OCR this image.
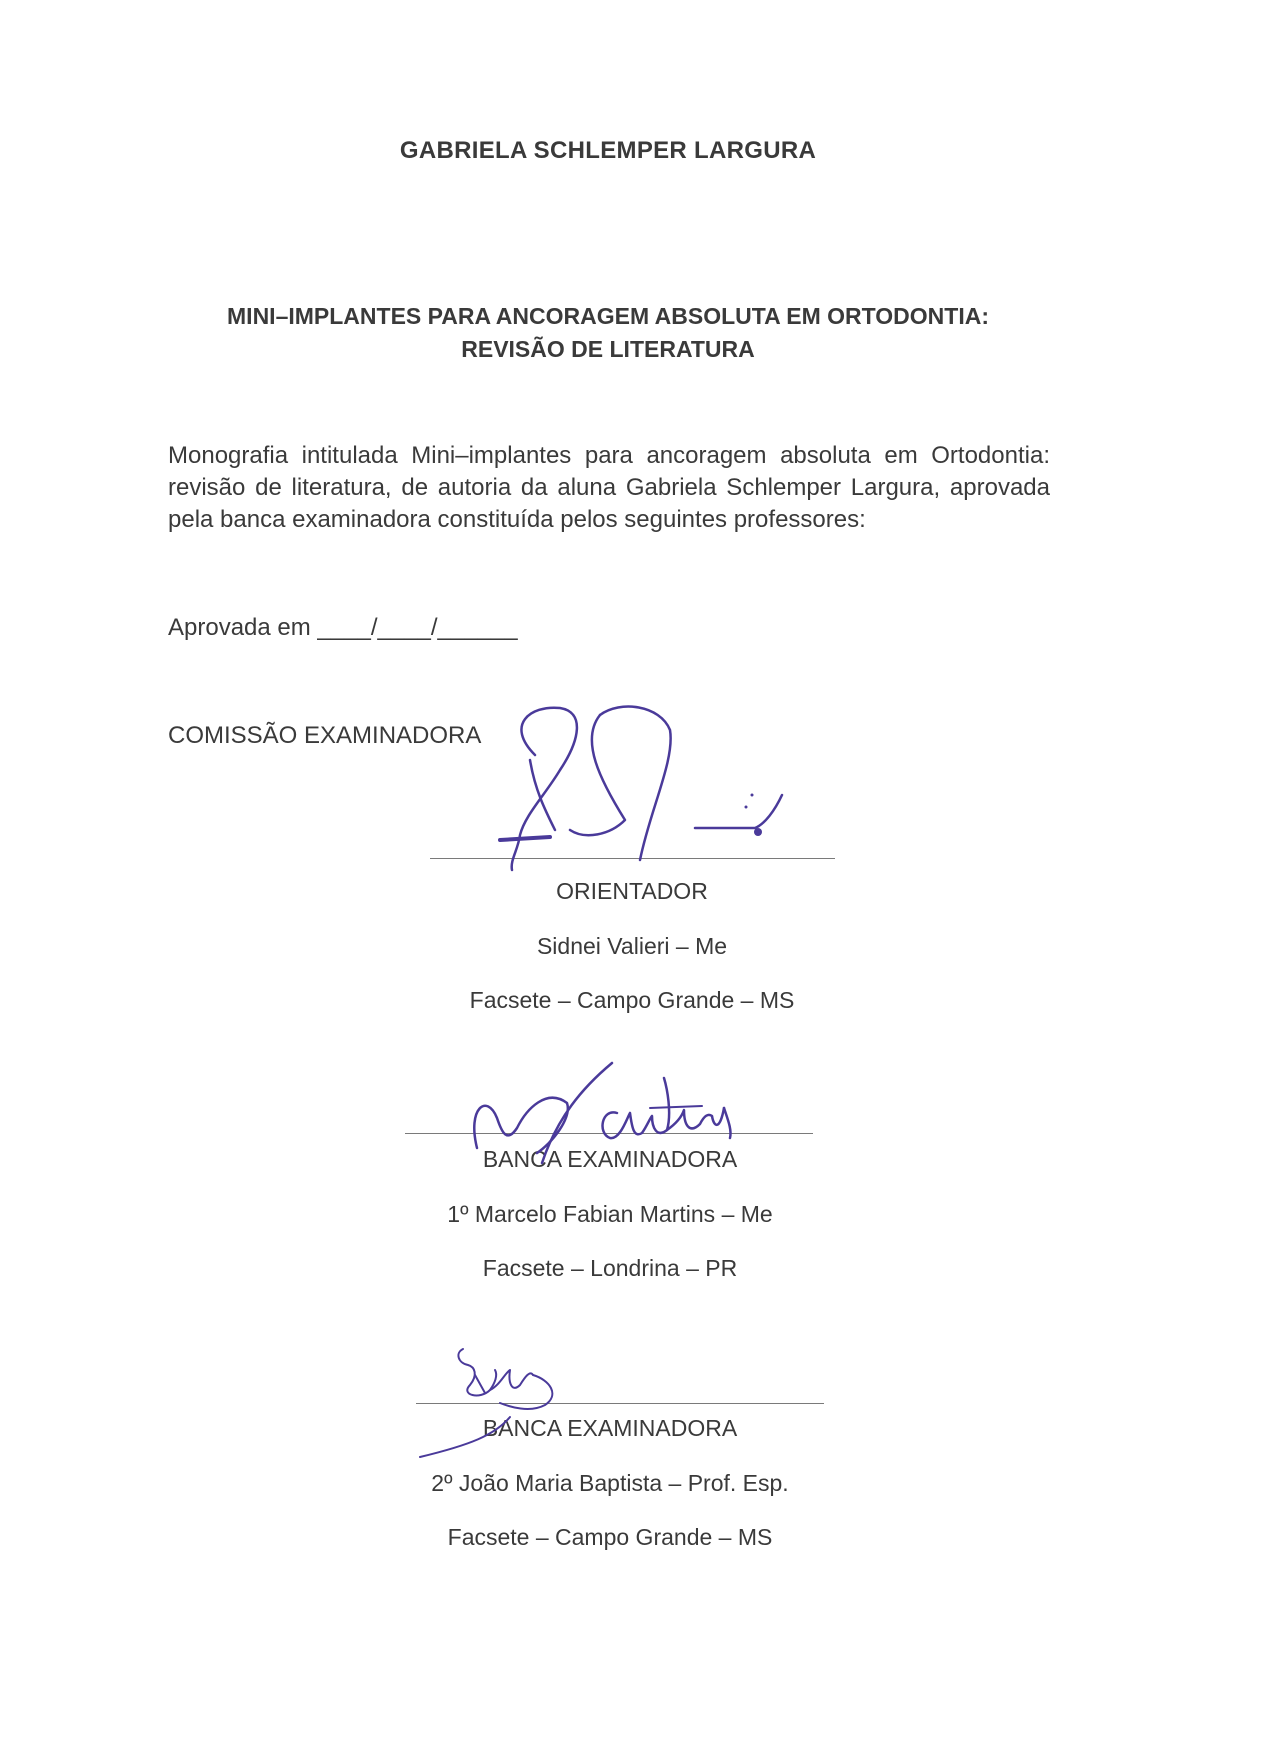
GABRIELA SCHLEMPER LARGURA
MINI–IMPLANTES PARA ANCORAGEM ABSOLUTA EM ORTODONTIA:
REVISÃO DE LITERATURA
Monografia intitulada Mini–implantes para ancoragem absoluta em Ortodontia: revisão de literatura, de autoria da aluna Gabriela Schlemper Largura, aprovada pela banca examinadora constituída pelos seguintes professores:
Aprovada em ____/____/______
COMISSÃO EXAMINADORA
ORIENTADOR
Sidnei Valieri – Me
Facsete – Campo Grande – MS
BANCA EXAMINADORA
1º Marcelo Fabian Martins – Me
Facsete – Londrina – PR
BANCA EXAMINADORA
2º João Maria Baptista – Prof. Esp.
Facsete – Campo Grande – MS
